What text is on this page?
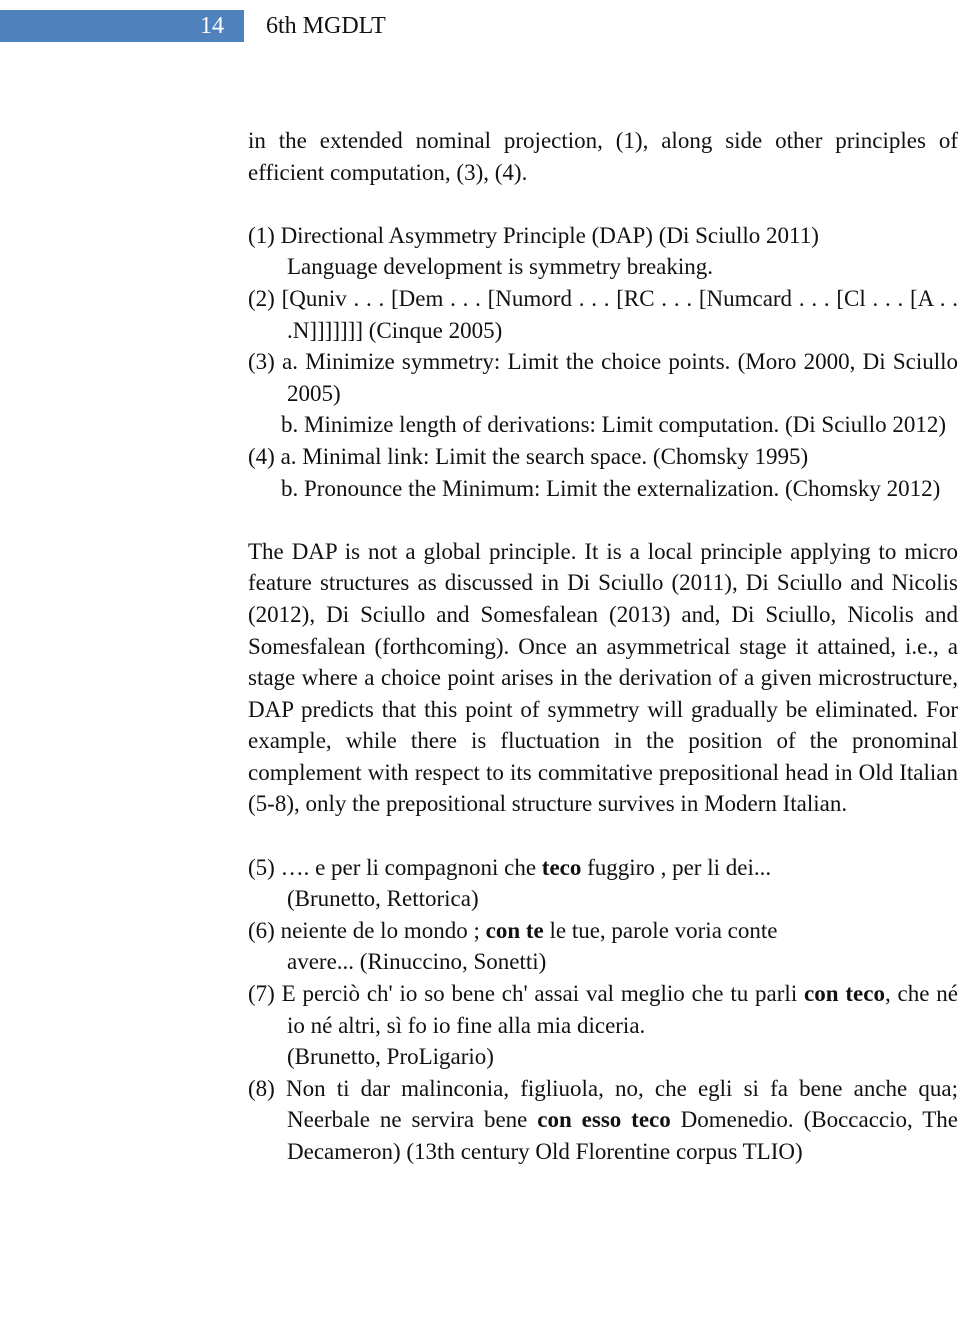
14 6th MGDLT
in the extended nominal projection, (1), along side other principles of efficient computation, (3), (4).
(1) Directional Asymmetry Principle (DAP) (Di Sciullo 2011)
Language development is symmetry breaking.
(2) [Quniv . . . [Dem . . . [Numord . . . [RC . . . [Numcard . . . [Cl . . . [A . . .N]]]]]]] (Cinque 2005)
(3) a. Minimize symmetry: Limit the choice points. (Moro 2000, Di Sciullo 2005)
b. Minimize length of derivations: Limit computation. (Di Sciullo 2012)
(4) a. Minimal link: Limit the search space. (Chomsky 1995)
b. Pronounce the Minimum: Limit the externalization. (Chomsky 2012)
The DAP is not a global principle. It is a local principle applying to micro feature structures as discussed in Di Sciullo (2011), Di Sciullo and Nicolis (2012), Di Sciullo and Somesfalean (2013) and, Di Sciullo, Nicolis and Somesfalean (forthcoming). Once an asymmetrical stage it attained, i.e., a stage where a choice point arises in the derivation of a given microstructure, DAP predicts that this point of symmetry will gradually be eliminated. For example, while there is fluctuation in the position of the pronominal complement with respect to its commitative prepositional head in Old Italian (5-8), only the prepositional structure survives in Modern Italian.
(5) …. e per li compagnoni che teco fuggiro , per li dei...
(Brunetto, Rettorica)
(6) neiente de lo mondo ; con te le tue, parole voria conte
avere... (Rinuccino, Sonetti)
(7) E perciò ch' io so bene ch' assai val meglio che tu parli con teco, che né io né altri, sì fo io fine alla mia diceria.
(Brunetto, ProLigario)
(8) Non ti dar malinconia, figliuola, no, che egli si fa bene anche qua; Neerbale ne servira bene con esso teco Domenedio. (Boccaccio, The Decameron) (13th century Old Florentine corpus TLIO)
